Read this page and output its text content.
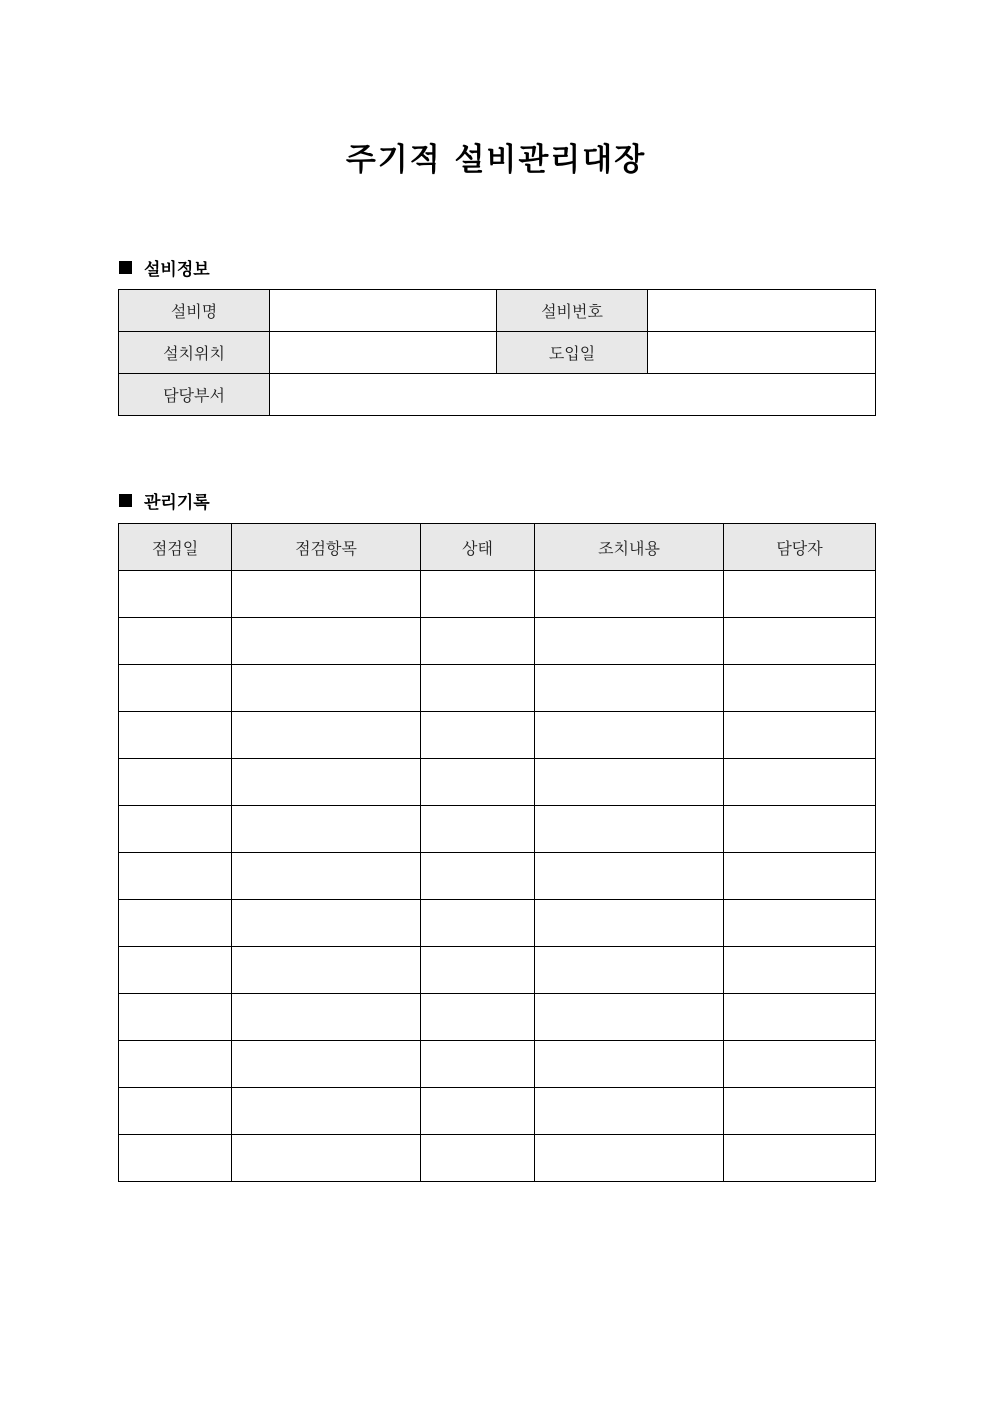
주기적 설비관리대장
설비정보
설비명		설비번호	
설치위치		도입일	
담당부서			
관리기록
점검일	점검항목	상태	조치내용	담당자
